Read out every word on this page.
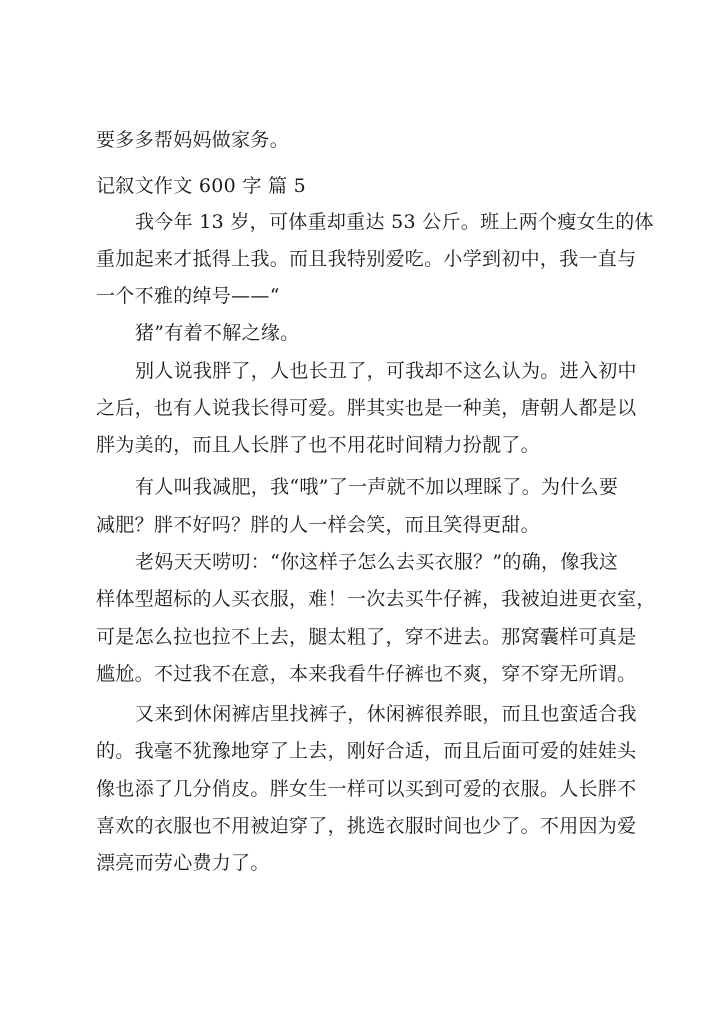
要多多帮妈妈做家务。
记叙文作文 600 字 篇 5
我今年 13 岁，可体重却重达 53 公斤。班上两个瘦女生的体
重加起来才抵得上我。而且我特别爱吃。小学到初中，我一直与
一个不雅的绰号——“
猪”有着不解之缘。
别人说我胖了，人也长丑了，可我却不这么认为。进入初中
之后，也有人说我长得可爱。胖其实也是一种美，唐朝人都是以
胖为美的，而且人长胖了也不用花时间精力扮靓了。
有人叫我减肥，我“哦”了一声就不加以理睬了。为什么要
减肥？胖不好吗？胖的人一样会笑，而且笑得更甜。
老妈天天唠叨：“你这样子怎么去买衣服？”的确，像我这
样体型超标的人买衣服，难！一次去买牛仔裤，我被迫进更衣室，
可是怎么拉也拉不上去，腿太粗了，穿不进去。那窝囊样可真是
尴尬。不过我不在意，本来我看牛仔裤也不爽，穿不穿无所谓。
又来到休闲裤店里找裤子，休闲裤很养眼，而且也蛮适合我
的。我毫不犹豫地穿了上去，刚好合适，而且后面可爱的娃娃头
像也添了几分俏皮。胖女生一样可以买到可爱的衣服。人长胖不
喜欢的衣服也不用被迫穿了，挑选衣服时间也少了。不用因为爱
漂亮而劳心费力了。
